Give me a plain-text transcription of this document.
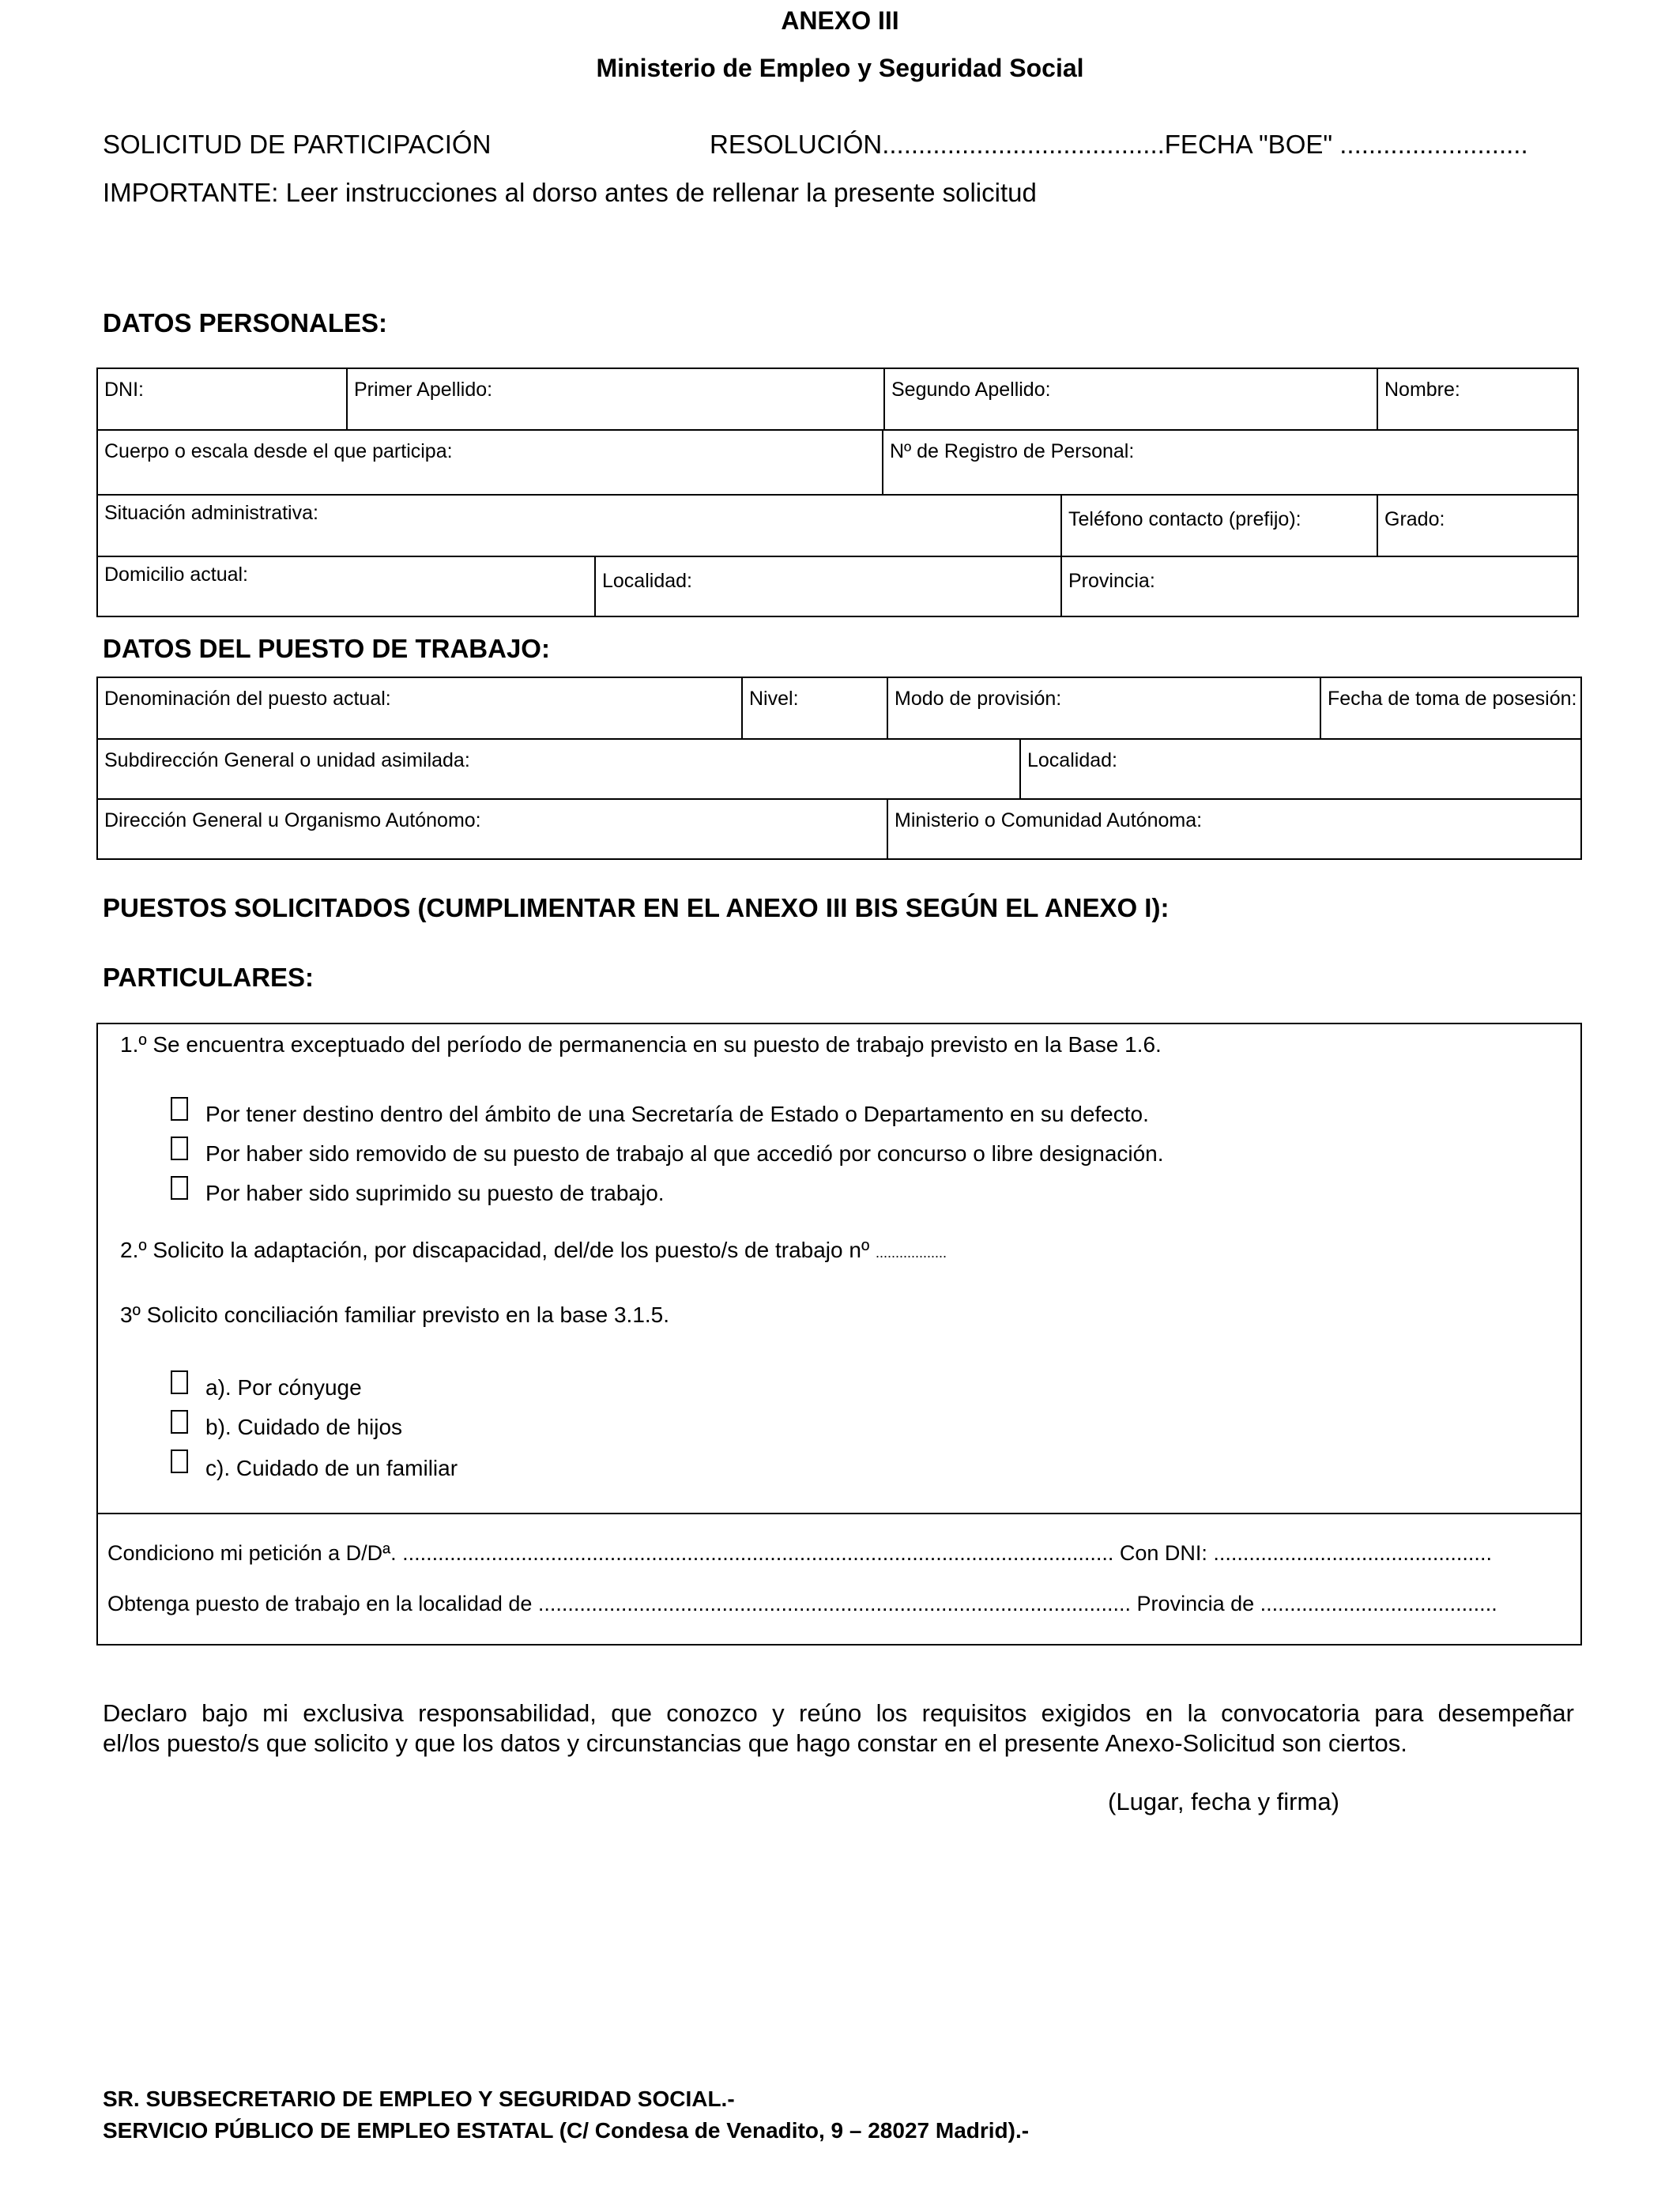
ANEXO III
Ministerio de Empleo y Seguridad Social
SOLICITUD DE PARTICIPACIÓN	RESOLUCIÓN.......................................FECHA "BOE" ..........................
IMPORTANTE: Leer instrucciones al dorso antes de rellenar la presente solicitud
DATOS PERSONALES:
DNI:	Primer Apellido:	Segundo Apellido:	Nombre:
Cuerpo o escala desde el que participa:	Nº de Registro de Personal:
Situación administrativa:	Teléfono contacto (prefijo):	Grado:
Domicilio actual:	Localidad:	Provincia:
DATOS DEL PUESTO DE TRABAJO:
Denominación del puesto actual:	Nivel:	Modo de provisión:	Fecha de toma de posesión:
Subdirección General o unidad asimilada:	Localidad:
Dirección General u Organismo Autónomo:	Ministerio o Comunidad Autónoma:
PUESTOS SOLICITADOS (CUMPLIMENTAR EN EL ANEXO III BIS SEGÚN EL ANEXO I):
PARTICULARES:
1.º Se encuentra exceptuado del período de permanencia en su puesto de trabajo previsto en la Base 1.6.
Por tener destino dentro del ámbito de una Secretaría de Estado o Departamento en su defecto.
Por haber sido removido de su puesto de trabajo al que accedió por concurso o libre designación.
Por haber sido suprimido su puesto de trabajo.
2.º Solicito la adaptación, por discapacidad, del/de los puesto/s de trabajo nº ..................
3º Solicito conciliación familiar previsto en la base 3.1.5.
a). Por cónyuge
b). Cuidado de hijos
c). Cuidado de un familiar
Condiciono mi petición a D/Dª. ........................................................................................................................ Con DNI: ...............................................
Obtenga puesto de trabajo en la localidad de .................................................................................................... Provincia de ........................................
Declaro bajo mi exclusiva responsabilidad, que conozco y reúno los requisitos exigidos en la convocatoria para desempeñar
el/los puesto/s que solicito y que los datos y circunstancias que hago constar en el presente Anexo-Solicitud son ciertos.
(Lugar, fecha y firma)
SR. SUBSECRETARIO DE EMPLEO Y SEGURIDAD SOCIAL.-
SERVICIO PÚBLICO DE EMPLEO ESTATAL (C/ Condesa de Venadito, 9 – 28027 Madrid).-
